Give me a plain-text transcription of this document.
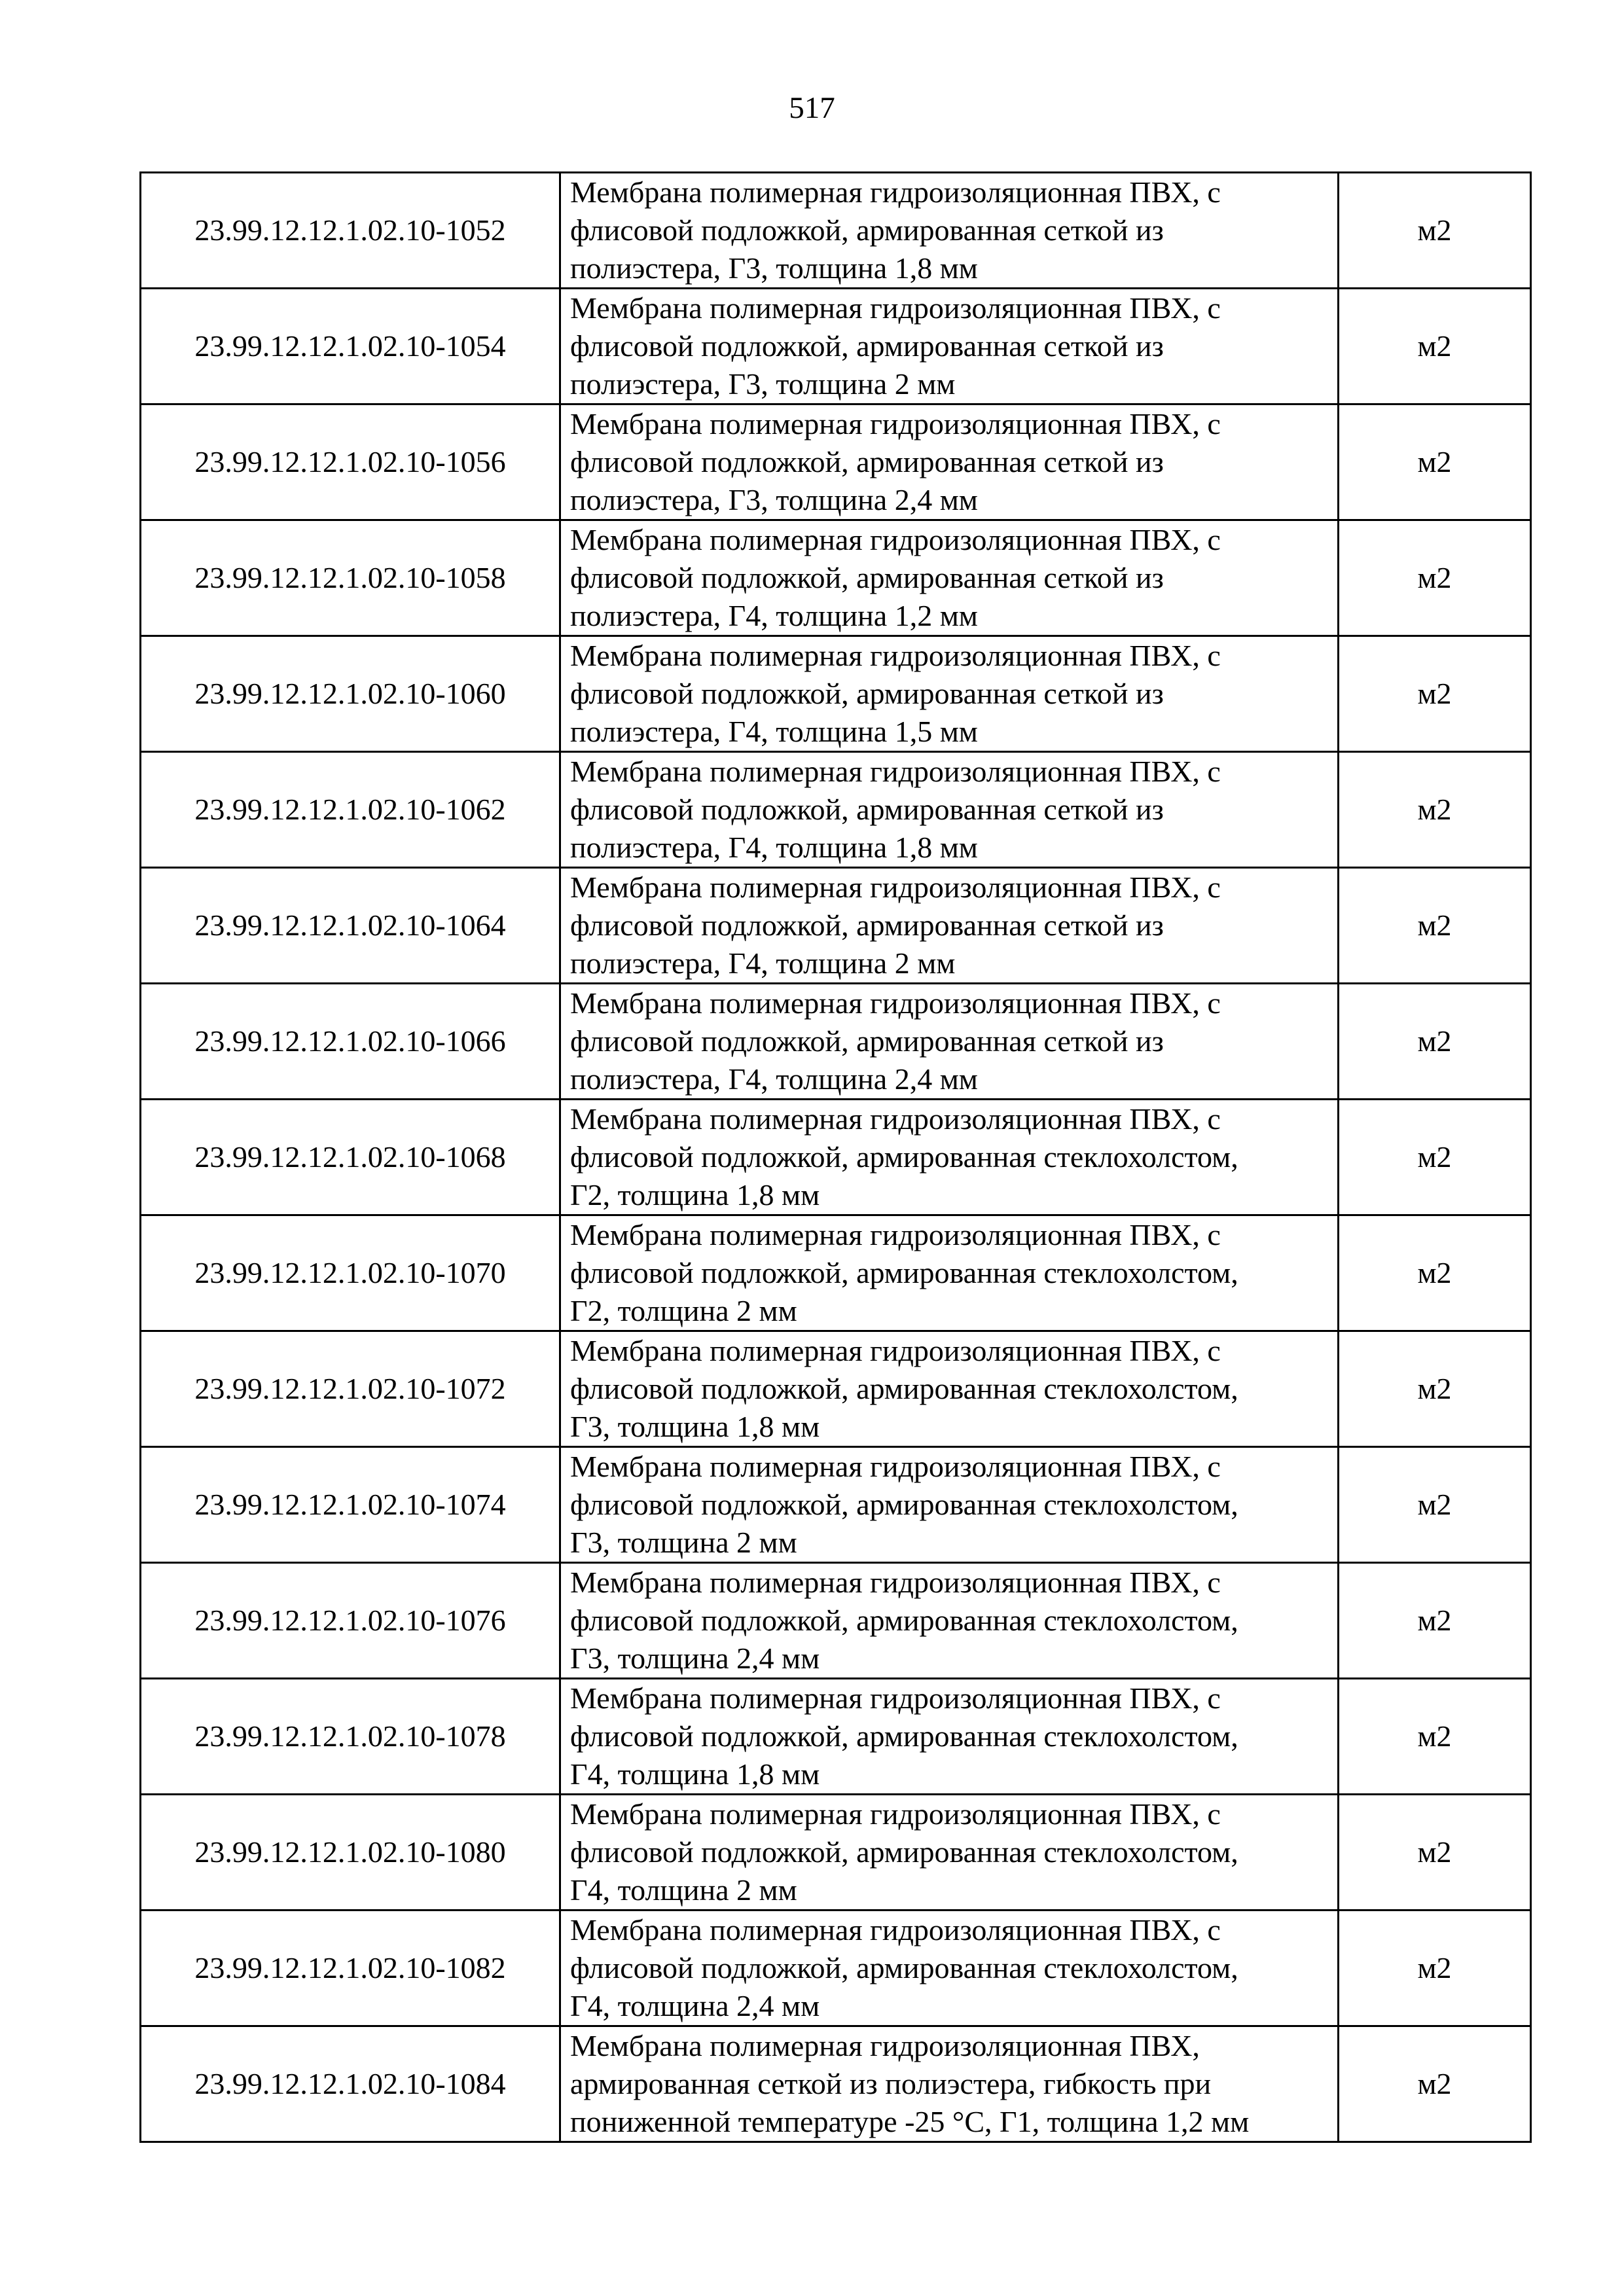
517
23.99.12.12.1.02.10-1052	Мембрана полимерная гидроизоляционная ПВХ, с
флисовой подложкой, армированная сеткой из
полиэстера, Г3, толщина 1,8 мм	м2
23.99.12.12.1.02.10-1054	Мембрана полимерная гидроизоляционная ПВХ, с
флисовой подложкой, армированная сеткой из
полиэстера, Г3, толщина 2 мм	м2
23.99.12.12.1.02.10-1056	Мембрана полимерная гидроизоляционная ПВХ, с
флисовой подложкой, армированная сеткой из
полиэстера, Г3, толщина 2,4 мм	м2
23.99.12.12.1.02.10-1058	Мембрана полимерная гидроизоляционная ПВХ, с
флисовой подложкой, армированная сеткой из
полиэстера, Г4, толщина 1,2 мм	м2
23.99.12.12.1.02.10-1060	Мембрана полимерная гидроизоляционная ПВХ, с
флисовой подложкой, армированная сеткой из
полиэстера, Г4, толщина 1,5 мм	м2
23.99.12.12.1.02.10-1062	Мембрана полимерная гидроизоляционная ПВХ, с
флисовой подложкой, армированная сеткой из
полиэстера, Г4, толщина 1,8 мм	м2
23.99.12.12.1.02.10-1064	Мембрана полимерная гидроизоляционная ПВХ, с
флисовой подложкой, армированная сеткой из
полиэстера, Г4, толщина 2 мм	м2
23.99.12.12.1.02.10-1066	Мембрана полимерная гидроизоляционная ПВХ, с
флисовой подложкой, армированная сеткой из
полиэстера, Г4, толщина 2,4 мм	м2
23.99.12.12.1.02.10-1068	Мембрана полимерная гидроизоляционная ПВХ, с
флисовой подложкой, армированная стеклохолстом,
Г2, толщина 1,8 мм	м2
23.99.12.12.1.02.10-1070	Мембрана полимерная гидроизоляционная ПВХ, с
флисовой подложкой, армированная стеклохолстом,
Г2, толщина 2 мм	м2
23.99.12.12.1.02.10-1072	Мембрана полимерная гидроизоляционная ПВХ, с
флисовой подложкой, армированная стеклохолстом,
Г3, толщина 1,8 мм	м2
23.99.12.12.1.02.10-1074	Мембрана полимерная гидроизоляционная ПВХ, с
флисовой подложкой, армированная стеклохолстом,
Г3, толщина 2 мм	м2
23.99.12.12.1.02.10-1076	Мембрана полимерная гидроизоляционная ПВХ, с
флисовой подложкой, армированная стеклохолстом,
Г3, толщина 2,4 мм	м2
23.99.12.12.1.02.10-1078	Мембрана полимерная гидроизоляционная ПВХ, с
флисовой подложкой, армированная стеклохолстом,
Г4, толщина 1,8 мм	м2
23.99.12.12.1.02.10-1080	Мембрана полимерная гидроизоляционная ПВХ, с
флисовой подложкой, армированная стеклохолстом,
Г4, толщина 2 мм	м2
23.99.12.12.1.02.10-1082	Мембрана полимерная гидроизоляционная ПВХ, с
флисовой подложкой, армированная стеклохолстом,
Г4, толщина 2,4 мм	м2
23.99.12.12.1.02.10-1084	Мембрана полимерная гидроизоляционная ПВХ,
армированная сеткой из полиэстера, гибкость при
пониженной температуре -25 °С, Г1, толщина 1,2 мм	м2
